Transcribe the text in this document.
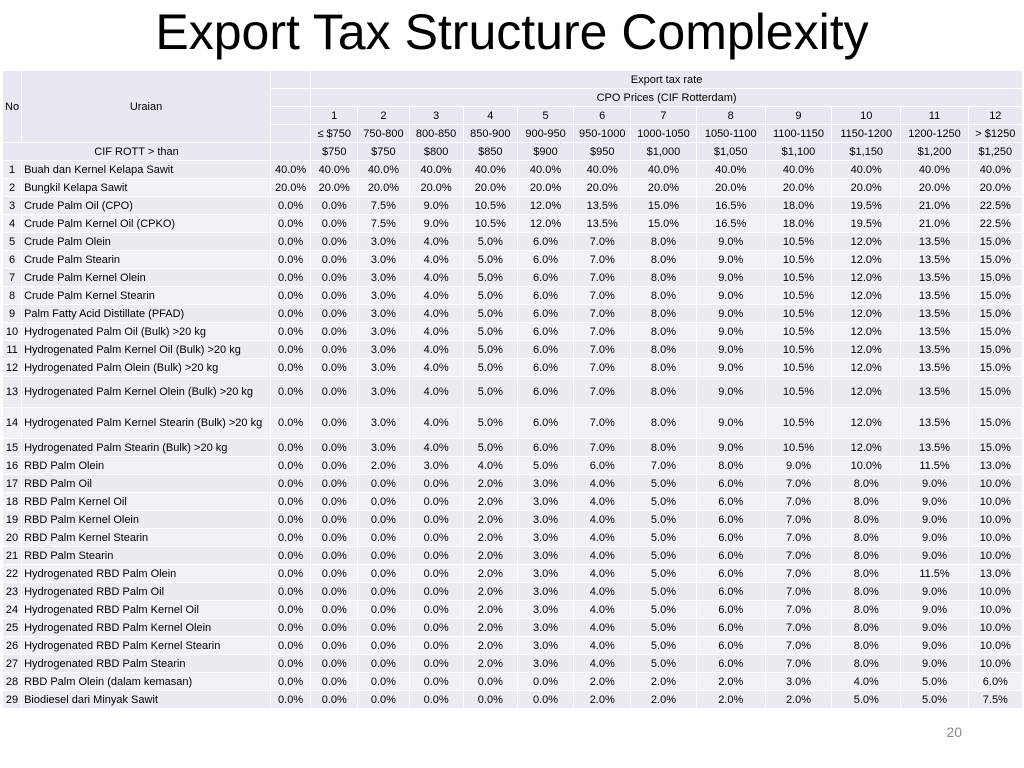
Export Tax Structure Complexity
No	Uraian		Export tax rate											
			CPO Prices (CIF Rotterdam)											
			1	2	3	4	5	6	7	8	9	10	11	12
			≤ $750	750-800	800-850	850-900	900-950	950-1000	1000-1050	1050-1100	1100-1150	1150-1200	1200-1250	> $1250
CIF ROTT > than			$750	$750	$800	$850	$900	$950	$1,000	$1,050	$1,100	$1,150	$1,200	$1,250
1	Buah dan Kernel Kelapa Sawit	40.0%	40.0%	40.0%	40.0%	40.0%	40.0%	40.0%	40.0%	40.0%	40.0%	40.0%	40.0%	40.0%
2	Bungkil Kelapa Sawit	20.0%	20.0%	20.0%	20.0%	20.0%	20.0%	20.0%	20.0%	20.0%	20.0%	20.0%	20.0%	20.0%
3	Crude Palm Oil (CPO)	0.0%	0.0%	7.5%	9.0%	10.5%	12.0%	13.5%	15.0%	16.5%	18.0%	19.5%	21.0%	22.5%
4	Crude Palm Kernel Oil (CPKO)	0.0%	0.0%	7.5%	9.0%	10.5%	12.0%	13.5%	15.0%	16.5%	18.0%	19.5%	21.0%	22.5%
5	Crude Palm Olein	0.0%	0.0%	3.0%	4.0%	5.0%	6.0%	7.0%	8.0%	9.0%	10.5%	12.0%	13.5%	15.0%
6	Crude Palm Stearin	0.0%	0.0%	3.0%	4.0%	5.0%	6.0%	7.0%	8.0%	9.0%	10.5%	12.0%	13.5%	15.0%
7	Crude Palm Kernel Olein	0.0%	0.0%	3.0%	4.0%	5.0%	6.0%	7.0%	8.0%	9.0%	10.5%	12.0%	13.5%	15.0%
8	Crude Palm Kernel Stearin	0.0%	0.0%	3.0%	4.0%	5.0%	6.0%	7.0%	8.0%	9.0%	10.5%	12.0%	13.5%	15.0%
9	Palm Fatty Acid Distillate (PFAD)	0.0%	0.0%	3.0%	4.0%	5.0%	6.0%	7.0%	8.0%	9.0%	10.5%	12.0%	13.5%	15.0%
10	Hydrogenated Palm Oil (Bulk) >20 kg	0.0%	0.0%	3.0%	4.0%	5.0%	6.0%	7.0%	8.0%	9.0%	10.5%	12.0%	13.5%	15.0%
11	Hydrogenated Palm Kernel Oil (Bulk) >20 kg	0.0%	0.0%	3.0%	4.0%	5.0%	6.0%	7.0%	8.0%	9.0%	10.5%	12.0%	13.5%	15.0%
12	Hydrogenated Palm Olein (Bulk) >20 kg	0.0%	0.0%	3.0%	4.0%	5.0%	6.0%	7.0%	8.0%	9.0%	10.5%	12.0%	13.5%	15.0%
13	Hydrogenated Palm Kernel Olein (Bulk) >20 kg	0.0%	0.0%	3.0%	4.0%	5.0%	6.0%	7.0%	8.0%	9.0%	10.5%	12.0%	13.5%	15.0%
14	Hydrogenated Palm Kernel Stearin (Bulk) >20 kg	0.0%	0.0%	3.0%	4.0%	5.0%	6.0%	7.0%	8.0%	9.0%	10.5%	12.0%	13.5%	15.0%
15	Hydrogenated Palm Stearin (Bulk) >20 kg	0.0%	0.0%	3.0%	4.0%	5.0%	6.0%	7.0%	8.0%	9.0%	10.5%	12.0%	13.5%	15.0%
16	RBD Palm Olein	0.0%	0.0%	2.0%	3.0%	4.0%	5.0%	6.0%	7.0%	8.0%	9.0%	10.0%	11.5%	13.0%
17	RBD Palm Oil	0.0%	0.0%	0.0%	0.0%	2.0%	3.0%	4.0%	5.0%	6.0%	7.0%	8.0%	9.0%	10.0%
18	RBD Palm Kernel Oil	0.0%	0.0%	0.0%	0.0%	2.0%	3.0%	4.0%	5.0%	6.0%	7.0%	8.0%	9.0%	10.0%
19	RBD Palm Kernel Olein	0.0%	0.0%	0.0%	0.0%	2.0%	3.0%	4.0%	5.0%	6.0%	7.0%	8.0%	9.0%	10.0%
20	RBD Palm Kernel Stearin	0.0%	0.0%	0.0%	0.0%	2.0%	3.0%	4.0%	5.0%	6.0%	7.0%	8.0%	9.0%	10.0%
21	RBD Palm Stearin	0.0%	0.0%	0.0%	0.0%	2.0%	3.0%	4.0%	5.0%	6.0%	7.0%	8.0%	9.0%	10.0%
22	Hydrogenated RBD Palm Olein	0.0%	0.0%	0.0%	0.0%	2.0%	3.0%	4.0%	5.0%	6.0%	7.0%	8.0%	11.5%	13.0%
23	Hydrogenated RBD Palm Oil	0.0%	0.0%	0.0%	0.0%	2.0%	3.0%	4.0%	5.0%	6.0%	7.0%	8.0%	9.0%	10.0%
24	Hydrogenated RBD Palm Kernel Oil	0.0%	0.0%	0.0%	0.0%	2.0%	3.0%	4.0%	5.0%	6.0%	7.0%	8.0%	9.0%	10.0%
25	Hydrogenated RBD Palm Kernel Olein	0.0%	0.0%	0.0%	0.0%	2.0%	3.0%	4.0%	5.0%	6.0%	7.0%	8.0%	9.0%	10.0%
26	Hydrogenated RBD Palm Kernel Stearin	0.0%	0.0%	0.0%	0.0%	2.0%	3.0%	4.0%	5.0%	6.0%	7.0%	8.0%	9.0%	10.0%
27	Hydrogenated RBD Palm Stearin	0.0%	0.0%	0.0%	0.0%	2.0%	3.0%	4.0%	5.0%	6.0%	7.0%	8.0%	9.0%	10.0%
28	RBD Palm Olein (dalam kemasan)	0.0%	0.0%	0.0%	0.0%	0.0%	0.0%	2.0%	2.0%	2.0%	3.0%	4.0%	5.0%	6.0%
29	Biodiesel dari Minyak Sawit	0.0%	0.0%	0.0%	0.0%	0.0%	0.0%	2.0%	2.0%	2.0%	2.0%	5.0%	5.0%	7.5%
20
